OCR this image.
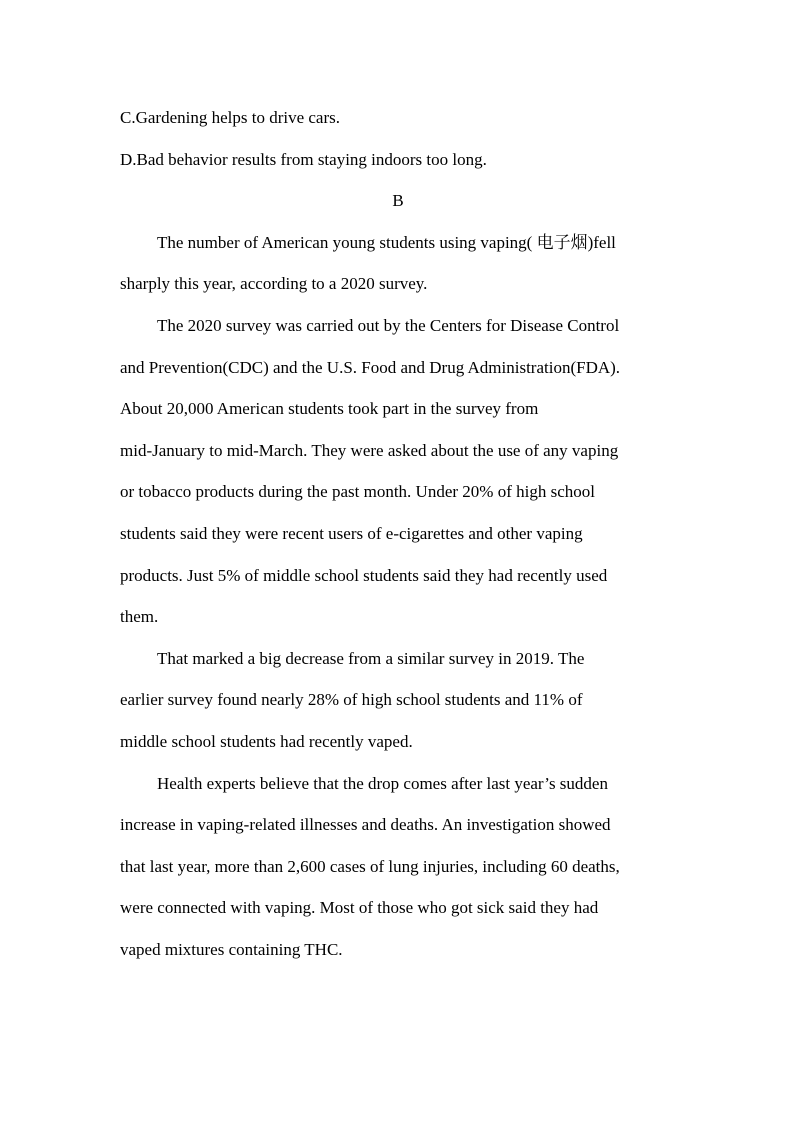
C.Gardening helps to drive cars.
D.Bad behavior results from staying indoors too long.
B
The number of American young students using vaping( 电子烟)fell
sharply this year, according to a 2020 survey.
The 2020 survey was carried out by the Centers for Disease Control
and Prevention(CDC) and the U.S. Food and Drug Administration(FDA).
About 20,000 American students took part in the survey from
mid-January to mid-March. They were asked about the use of any vaping
or tobacco products during the past month. Under 20% of high school
students said they were recent users of e-cigarettes and other vaping
products. Just 5% of middle school students said they had recently used
them.
That marked a big decrease from a similar survey in 2019. The
earlier survey found nearly 28% of high school students and 11% of
middle school students had recently vaped.
Health experts believe that the drop comes after last year’s sudden
increase in vaping-related illnesses and deaths. An investigation showed
that last year, more than 2,600 cases of lung injuries, including 60 deaths,
were connected with vaping. Most of those who got sick said they had
vaped mixtures containing THC.
